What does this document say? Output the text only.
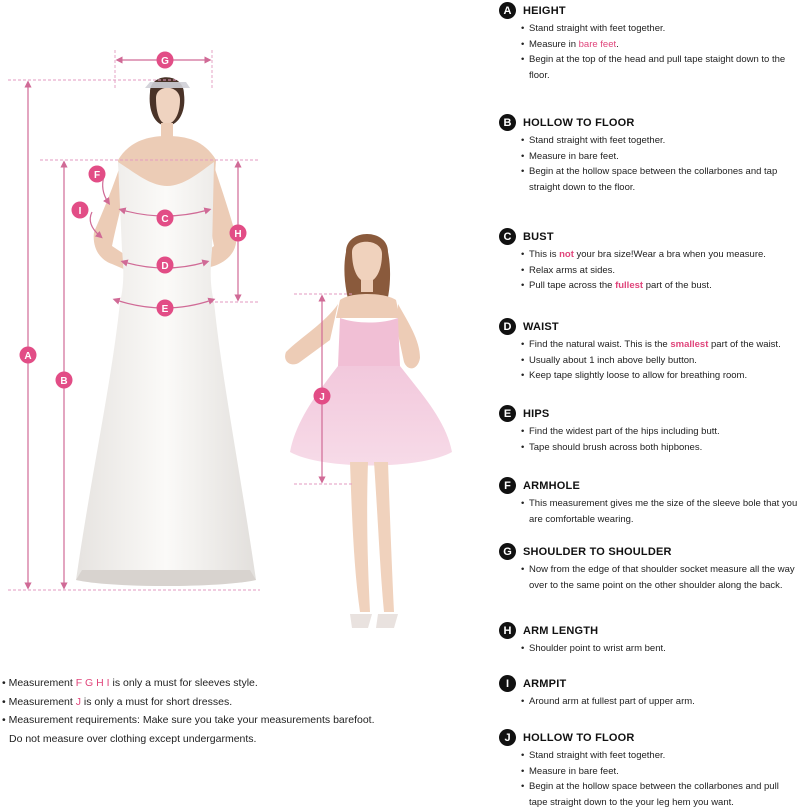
A
B
C
D
E
F
G
H
I
J
• Measurement F G H I is only a must for sleeves style.
• Measurement J is only a must for short dresses.
• Measurement requirements: Make sure you take your measurements barefoot.
Do not measure over clothing except undergarments.
A	HEIGHT
• Stand straight with feet together.
• Measure in bare feet.
• Begin at the top of the head and pull tape staight down to the floor.
B	HOLLOW TO FLOOR
• Stand straight with feet together.
• Measure in bare feet.
• Begin at the hollow space between the collarbones and tap straight down to the floor.
C	BUST
• This is not your bra size!Wear a bra when you measure.
• Relax arms at sides.
• Pull tape across the fullest part of the bust.
D	WAIST
• Find the natural waist. This is the smallest part of the waist.
• Usually about 1 inch above belly button.
• Keep tape slightly loose to allow for breathing room.
E	HIPS
• Find the widest part of the hips including butt.
• Tape should brush across both hipbones.
F	ARMHOLE
• This measurement gives me the size of the sleeve bole that you are comfortable wearing.
G	SHOULDER TO SHOULDER
• Now from the edge of that shoulder socket measure all the way over to the same point on the other shoulder along the back.
H	ARM LENGTH
• Shoulder point to wrist arm bent.
I	ARMPIT
• Around arm at fullest part of upper arm.
J	HOLLOW TO FLOOR
• Stand straight with feet together.
• Measure in bare feet.
• Begin at the hollow space between the collarbones and pull tape straight down to the your leg hem you want.
